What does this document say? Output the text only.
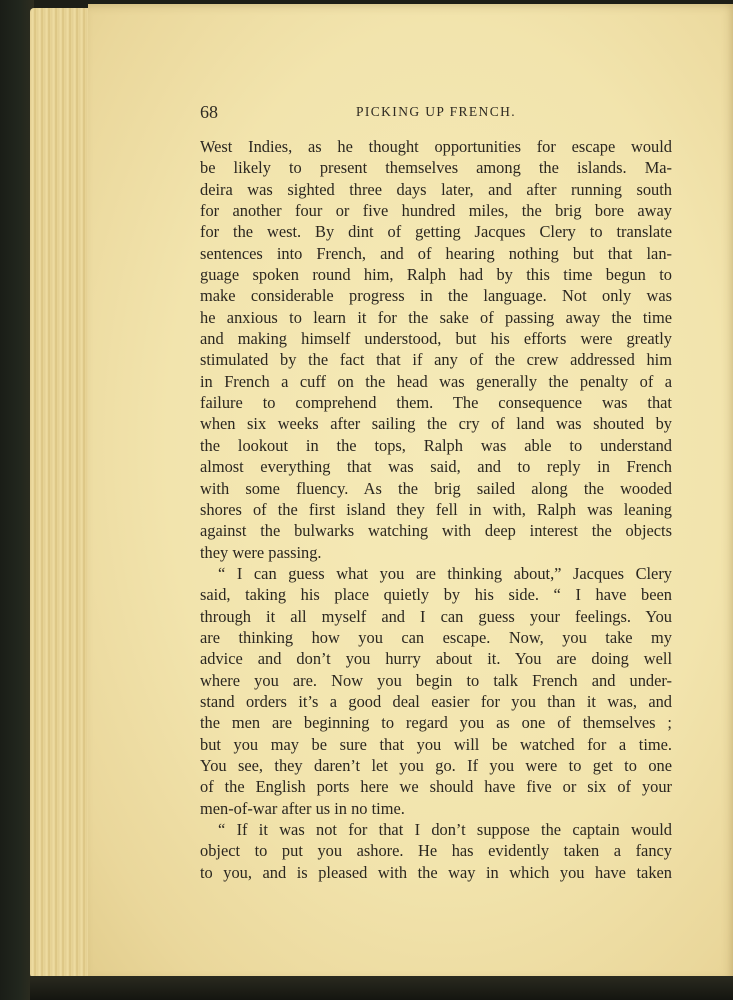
68	PICKING UP FRENCH.
West Indies, as he thought opportunities for escape would
be likely to present themselves among the islands. Ma-
deira was sighted three days later, and after running south
for another four or five hundred miles, the brig bore away
for the west. By dint of getting Jacques Clery to translate
sentences into French, and of hearing nothing but that lan-
guage spoken round him, Ralph had by this time begun to
make considerable progress in the language. Not only was
he anxious to learn it for the sake of passing away the time
and making himself understood, but his efforts were greatly
stimulated by the fact that if any of the crew addressed him
in French a cuff on the head was generally the penalty of a
failure to comprehend them. The consequence was that
when six weeks after sailing the cry of land was shouted by
the lookout in the tops, Ralph was able to understand
almost everything that was said, and to reply in French
with some fluency. As the brig sailed along the wooded
shores of the first island they fell in with, Ralph was leaning
against the bulwarks watching with deep interest the objects
they were passing.
“ I can guess what you are thinking about,” Jacques Clery
said, taking his place quietly by his side. “ I have been
through it all myself and I can guess your feelings. You
are thinking how you can escape. Now, you take my
advice and don’t you hurry about it. You are doing well
where you are. Now you begin to talk French and under-
stand orders it’s a good deal easier for you than it was, and
the men are beginning to regard you as one of themselves ;
but you may be sure that you will be watched for a time.
You see, they daren’t let you go. If you were to get to one
of the English ports here we should have five or six of your
men-of-war after us in no time.
“ If it was not for that I don’t suppose the captain would
object to put you ashore. He has evidently taken a fancy
to you, and is pleased with the way in which you have taken
